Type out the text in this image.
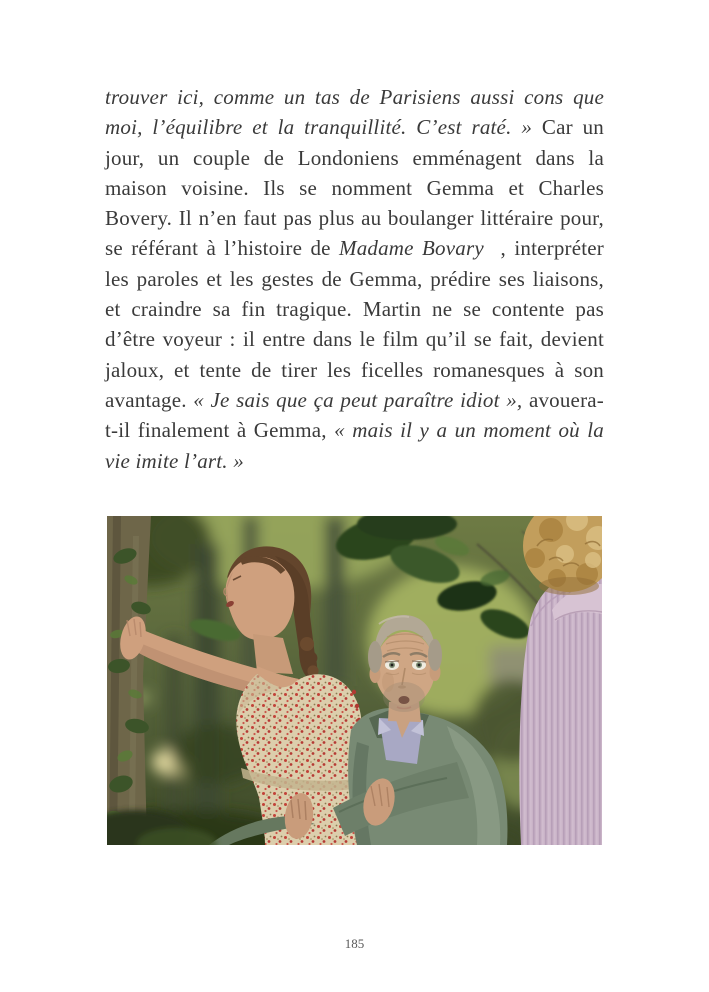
trouver ici, comme un tas de Parisiens aussi cons que moi, l’équilibre et la tranquillité. C’est raté. » Car un jour, un couple de Londoniens emménagent dans la maison voisine. Ils se nomment Gemma et Charles Bovery. Il n’en faut pas plus au boulanger littéraire pour, se référant à l’histoire de Madame Bovary  , interpréter les paroles et les gestes de Gemma, prédire ses liaisons, et craindre sa fin tragique. Martin ne se contente pas d’être voyeur : il entre dans le film qu’il se fait, devient jaloux, et tente de tirer les ficelles romanesques à son avantage. « Je sais que ça peut paraître idiot », avouera-t-il finalement à Gemma, « mais il y a un moment où la vie imite l’art. »
185
